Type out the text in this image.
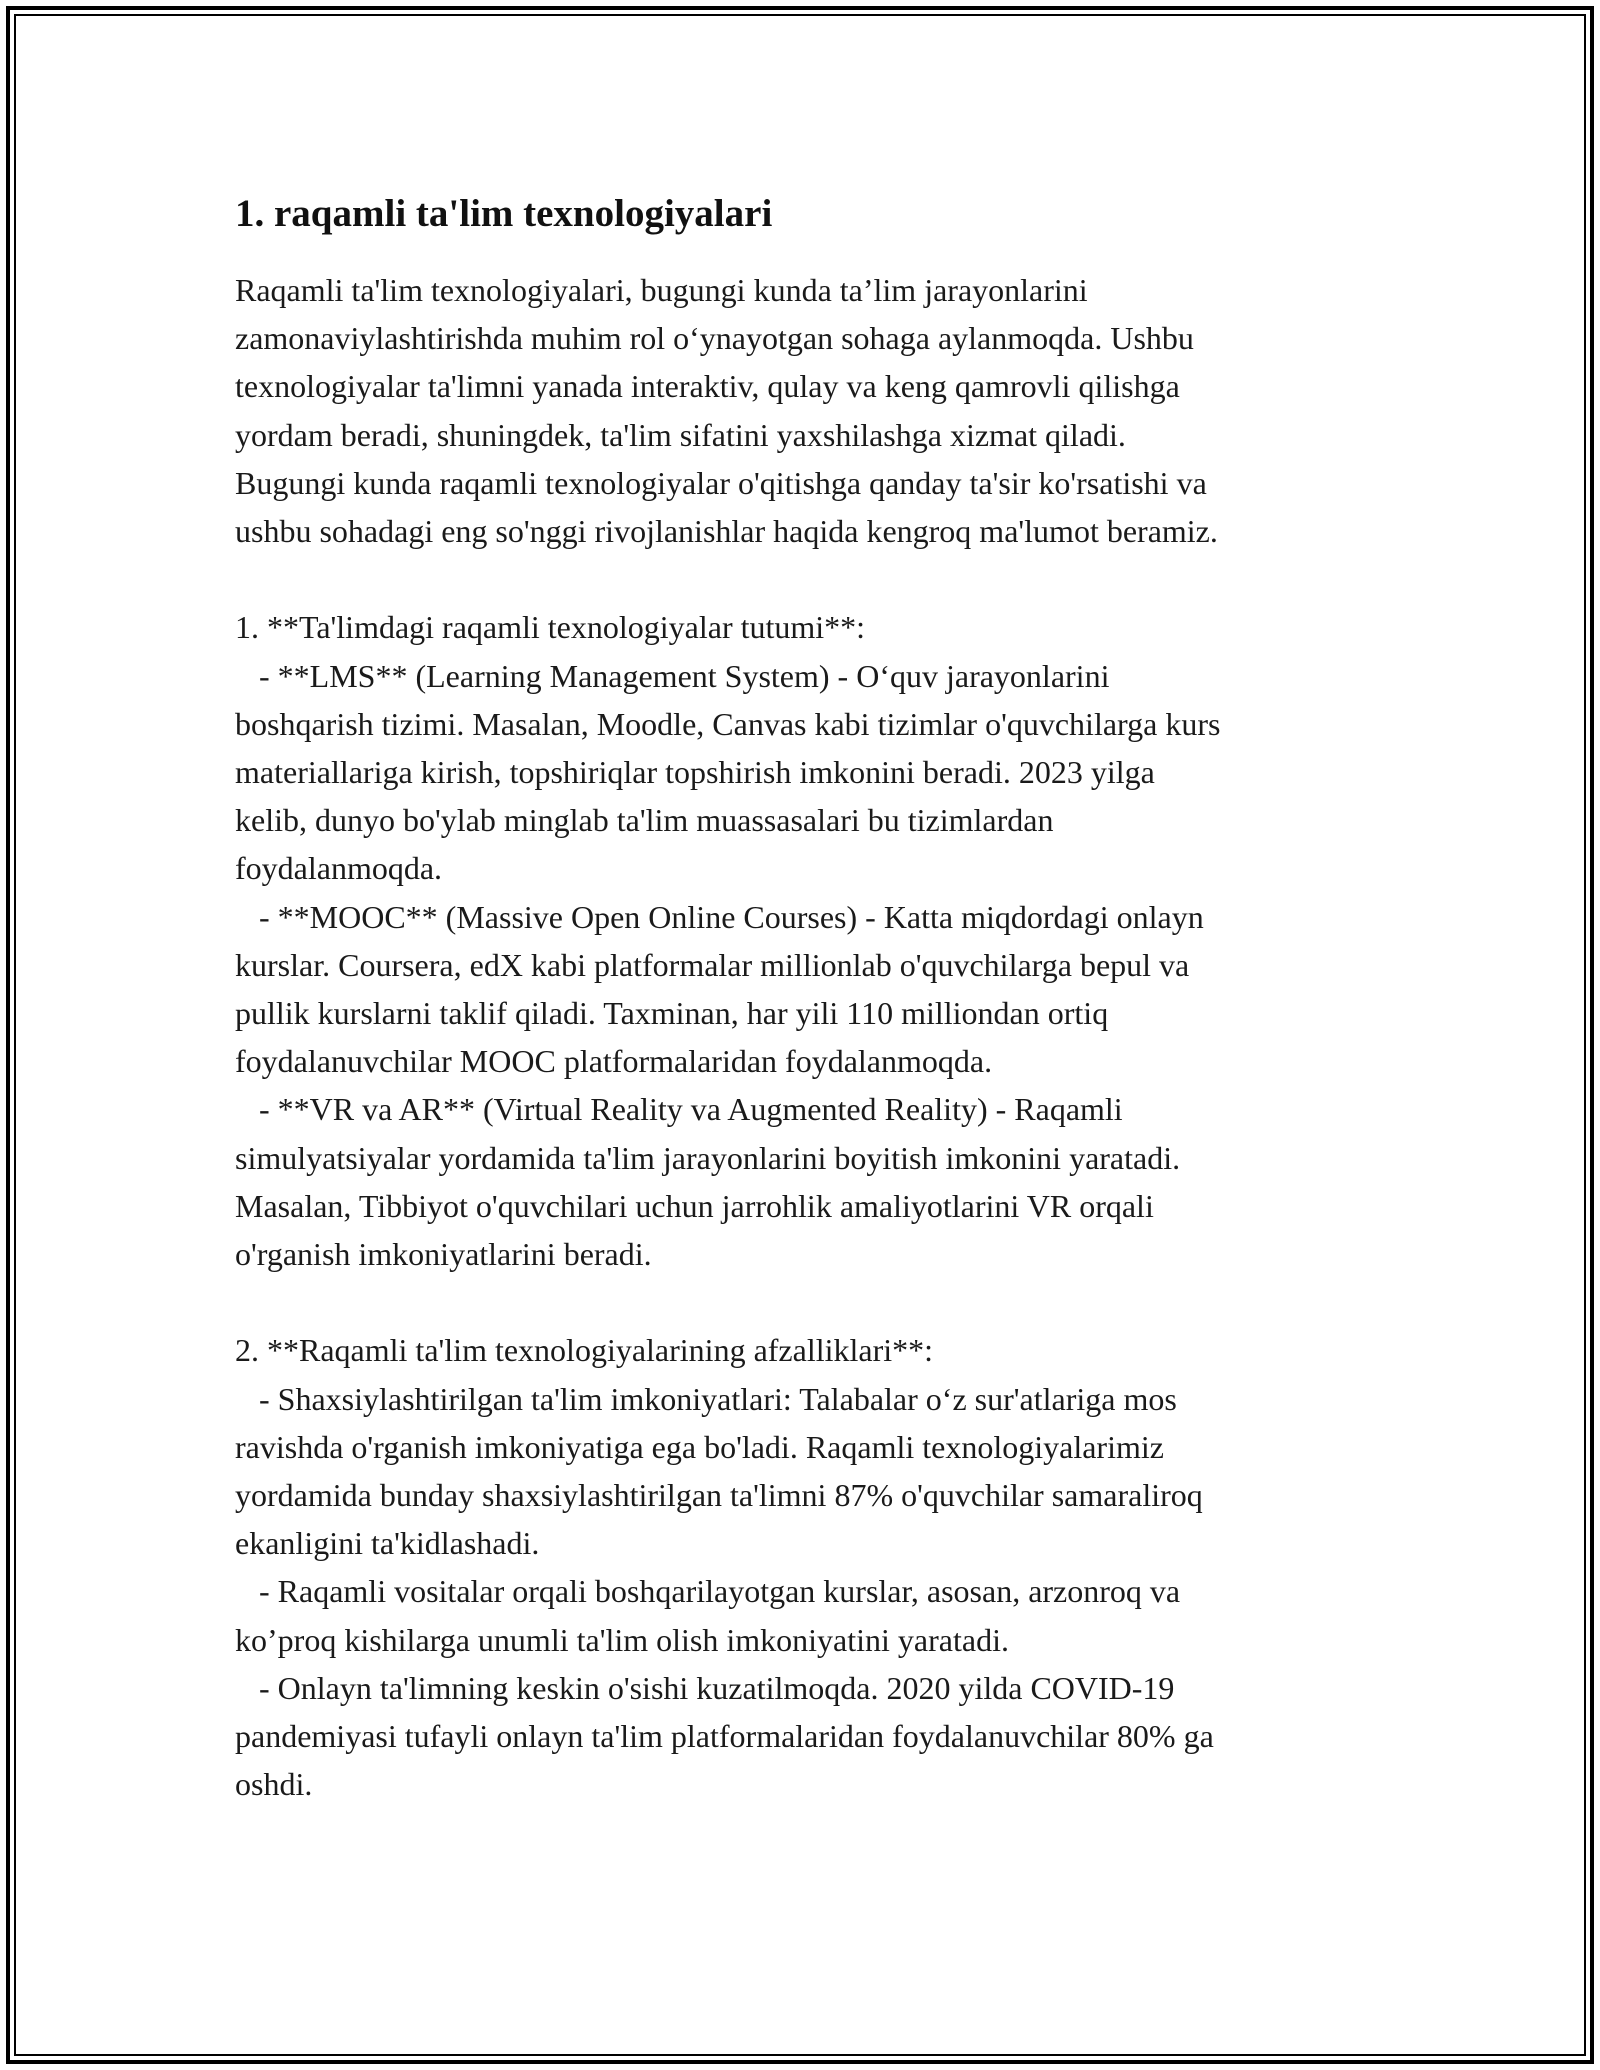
1. raqamli ta'lim texnologiyalari
Raqamli ta'lim texnologiyalari, bugungi kunda ta’lim jarayonlarini
zamonaviylashtirishda muhim rol o‘ynayotgan sohaga aylanmoqda. Ushbu
texnologiyalar ta'limni yanada interaktiv, qulay va keng qamrovli qilishga
yordam beradi, shuningdek, ta'lim sifatini yaxshilashga xizmat qiladi.
Bugungi kunda raqamli texnologiyalar o'qitishga qanday ta'sir ko'rsatishi va
ushbu sohadagi eng so'nggi rivojlanishlar haqida kengroq ma'lumot beramiz.
1. **Ta'limdagi raqamli texnologiyalar tutumi**:
- **LMS** (Learning Management System) - O‘quv jarayonlarini
boshqarish tizimi. Masalan, Moodle, Canvas kabi tizimlar o'quvchilarga kurs
materiallariga kirish, topshiriqlar topshirish imkonini beradi. 2023 yilga
kelib, dunyo bo'ylab minglab ta'lim muassasalari bu tizimlardan
foydalanmoqda.
- **MOOC** (Massive Open Online Courses) - Katta miqdordagi onlayn
kurslar. Coursera, edX kabi platformalar millionlab o'quvchilarga bepul va
pullik kurslarni taklif qiladi. Taxminan, har yili 110 milliondan ortiq
foydalanuvchilar MOOC platformalaridan foydalanmoqda.
- **VR va AR** (Virtual Reality va Augmented Reality) - Raqamli
simulyatsiyalar yordamida ta'lim jarayonlarini boyitish imkonini yaratadi.
Masalan, Tibbiyot o'quvchilari uchun jarrohlik amaliyotlarini VR orqali
o'rganish imkoniyatlarini beradi.
2. **Raqamli ta'lim texnologiyalarining afzalliklari**:
- Shaxsiylashtirilgan ta'lim imkoniyatlari: Talabalar o‘z sur'atlariga mos
ravishda o'rganish imkoniyatiga ega bo'ladi. Raqamli texnologiyalarimiz
yordamida bunday shaxsiylashtirilgan ta'limni 87% o'quvchilar samaraliroq
ekanligini ta'kidlashadi.
- Raqamli vositalar orqali boshqarilayotgan kurslar, asosan, arzonroq va
ko’proq kishilarga unumli ta'lim olish imkoniyatini yaratadi.
- Onlayn ta'limning keskin o'sishi kuzatilmoqda. 2020 yilda COVID-19
pandemiyasi tufayli onlayn ta'lim platformalaridan foydalanuvchilar 80% ga
oshdi.
